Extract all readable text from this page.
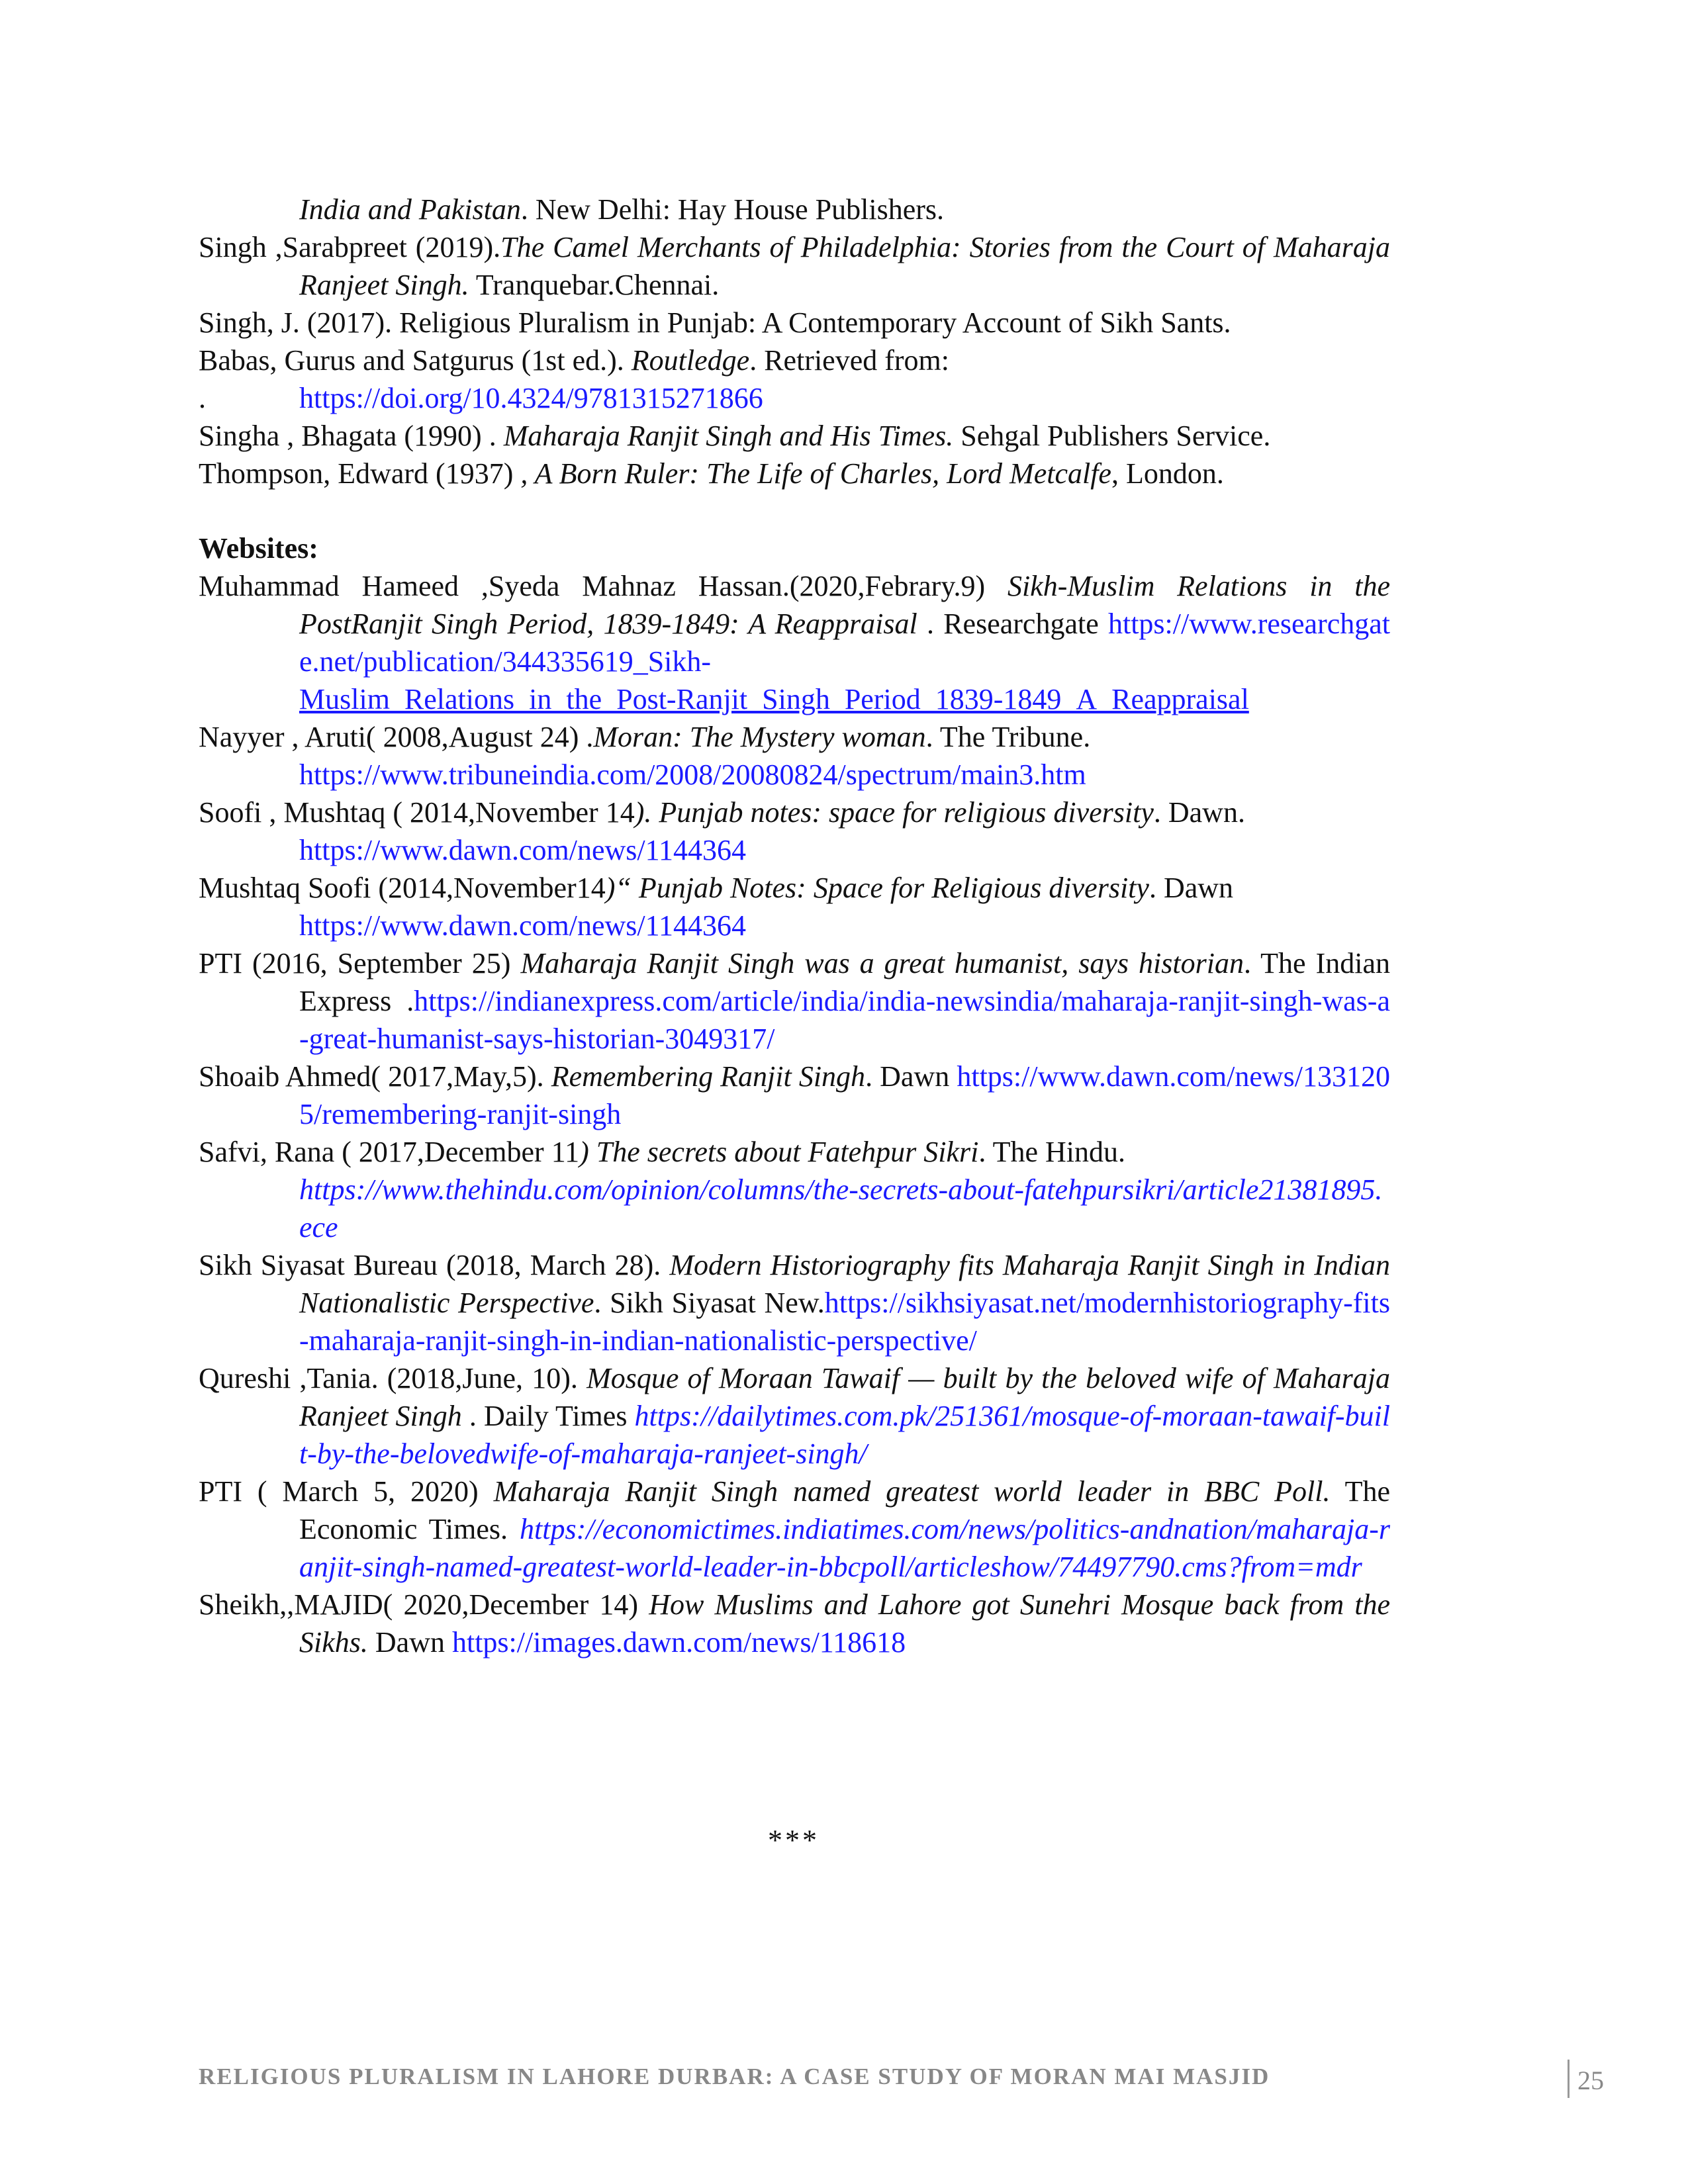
India and Pakistan. New Delhi: Hay House Publishers.

Singh ,Sarabpreet (2019).The Camel Merchants of Philadelphia: Stories from the Court of Maharaja Ranjeet Singh. Tranquebar.Chennai.

Singh, J. (2017). Religious Pluralism in Punjab: A Contemporary Account of Sikh Sants.

Babas, Gurus and Satgurus (1st ed.). Routledge. Retrieved from:

.	https://doi.org/10.4324/9781315271866

Singha , Bhagata (1990) . Maharaja Ranjit Singh and His Times. Sehgal Publishers Service.

Thompson, Edward (1937) , A Born Ruler: The Life of Charles, Lord Metcalfe, London.

Websites:

Muhammad Hameed ,Syeda Mahnaz Hassan.(2020,Febrary.9) Sikh-Muslim Relations in the PostRanjit Singh Period, 1839-1849: A Reappraisal . Researchgate https://www.researchgate.net/publication/344335619_Sikh-
Muslim_Relations_in_the_Post-Ranjit_Singh_Period_1839-1849_A_Reappraisal

Nayyer , Aruti( 2008,August 24) .Moran: The Mystery woman. The Tribune.
https://www.tribuneindia.com/2008/20080824/spectrum/main3.htm

Soofi , Mushtaq ( 2014,November 14). Punjab notes: space for religious diversity. Dawn.
https://www.dawn.com/news/1144364

Mushtaq Soofi (2014,November14)“ Punjab Notes: Space for Religious diversity. Dawn
https://www.dawn.com/news/1144364

PTI (2016, September 25) Maharaja Ranjit Singh was a great humanist, says historian. The Indian Express .https://indianexpress.com/article/india/india-newsindia/maharaja-ranjit-singh-was-a-great-humanist-says-historian-3049317/

Shoaib Ahmed( 2017,May,5). Remembering Ranjit Singh. Dawn https://www.dawn.com/news/1331205/remembering-ranjit-singh

Safvi, Rana ( 2017,December 11) The secrets about Fatehpur Sikri. The Hindu.
https://www.thehindu.com/opinion/columns/the-secrets-about-fatehpursikri/article21381895.ece

Sikh Siyasat Bureau (2018, March 28). Modern Historiography fits Maharaja Ranjit Singh in Indian Nationalistic Perspective. Sikh Siyasat New.https://sikhsiyasat.net/modernhistoriography-fits-maharaja-ranjit-singh-in-indian-nationalistic-perspective/

Qureshi ,Tania. (2018,June, 10). Mosque of Moraan Tawaif — built by the beloved wife of Maharaja Ranjeet Singh . Daily Times https://dailytimes.com.pk/251361/mosque-of-moraan-tawaif-built-by-the-belovedwife-of-maharaja-ranjeet-singh/

PTI ( March 5, 2020) Maharaja Ranjit Singh named greatest world leader in BBC Poll. The Economic Times. https://economictimes.indiatimes.com/news/politics-andnation/maharaja-ranjit-singh-named-greatest-world-leader-in-bbcpoll/articleshow/74497790.cms?from=mdr

Sheikh,,MAJID( 2020,December 14) How Muslims and Lahore got Sunehri Mosque back from the Sikhs. Dawn https://images.dawn.com/news/118618

***
RELIGIOUS PLURALISM IN LAHORE DURBAR: A CASE STUDY OF MORAN MAI MASJID	25
